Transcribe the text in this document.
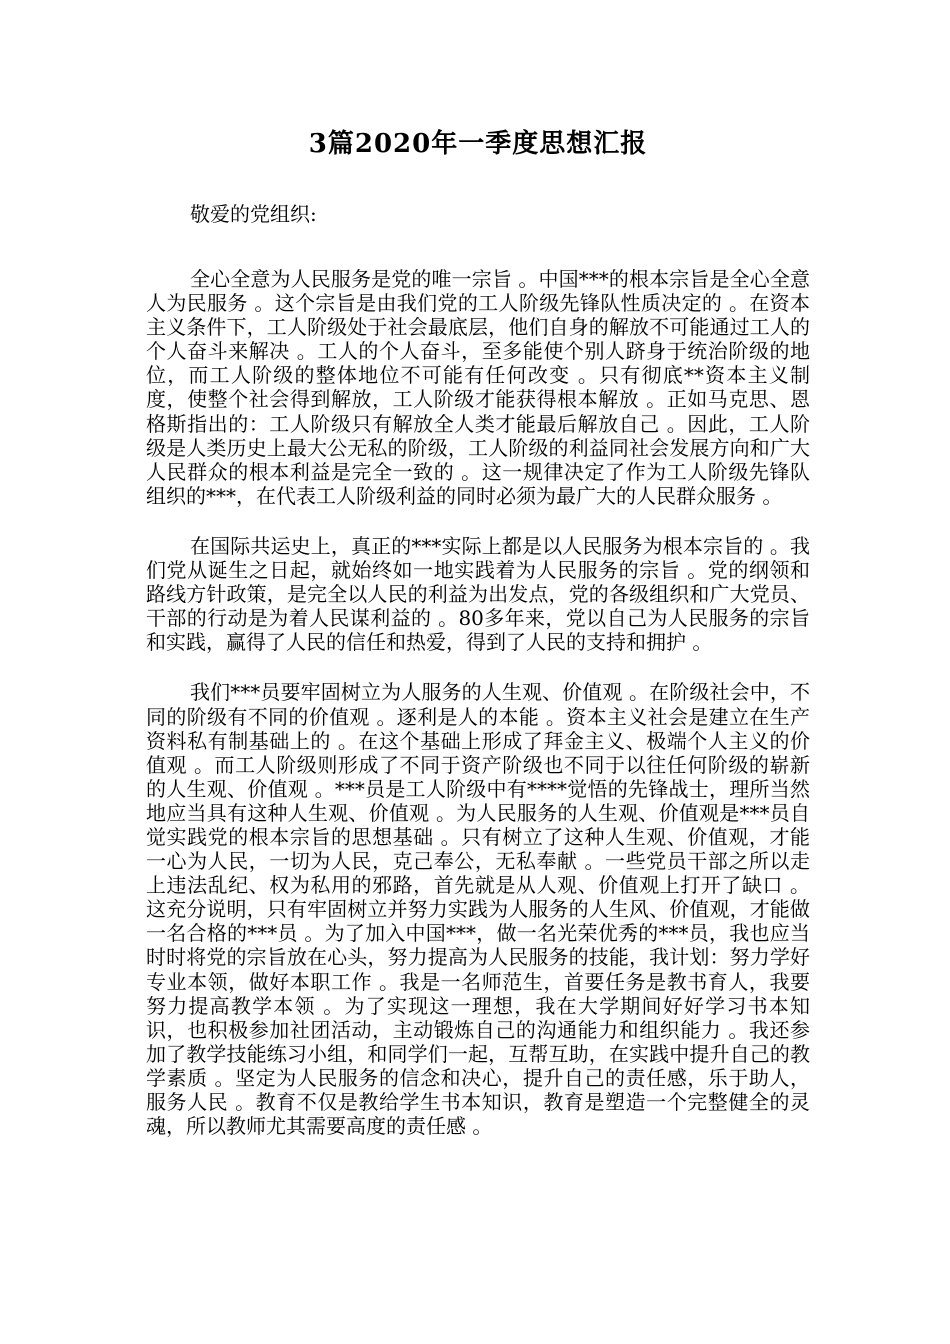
3篇2020年一季度思想汇报

敬爱的党组织:

全心全意为人民服务是党的唯一宗旨 。中国***的根本宗旨是全心全意人为民服务 。这个宗旨是由我们党的工人阶级先锋队性质决定的 。在资本主义条件下，工人阶级处于社会最底层，他们自身的解放不可能通过工人的个人奋斗来解决 。工人的个人奋斗，至多能使个别人跻身于统治阶级的地位，而工人阶级的整体地位不可能有任何改变 。只有彻底**资本主义制度，使整个社会得到解放，工人阶级才能获得根本解放 。正如马克思、恩格斯指出的：工人阶级只有解放全人类才能最后解放自己 。因此，工人阶级是人类历史上最大公无私的阶级，工人阶级的利益同社会发展方向和广大人民群众的根本利益是完全一致的 。这一规律决定了作为工人阶级先锋队组织的***，在代表工人阶级利益的同时必须为最广大的人民群众服务 。

在国际共运史上，真正的***实际上都是以人民服务为根本宗旨的 。我们党从诞生之日起，就始终如一地实践着为人民服务的宗旨 。党的纲领和路线方针政策，是完全以人民的利益为出发点，党的各级组织和广大党员、干部的行动是为着人民谋利益的 。80多年来，党以自己为人民服务的宗旨和实践，赢得了人民的信任和热爱，得到了人民的支持和拥护 。

我们***员要牢固树立为人服务的人生观、价值观 。在阶级社会中，不同的阶级有不同的价值观 。逐利是人的本能 。资本主义社会是建立在生产资料私有制基础上的 。在这个基础上形成了拜金主义、极端个人主义的价值观 。而工人阶级则形成了不同于资产阶级也不同于以往任何阶级的崭新的人生观、价值观 。***员是工人阶级中有****觉悟的先锋战士，理所当然地应当具有这种人生观、价值观 。为人民服务的人生观、价值观是***员自觉实践党的根本宗旨的思想基础 。只有树立了这种人生观、价值观，才能一心为人民，一切为人民，克己奉公，无私奉献 。一些党员干部之所以走上违法乱纪、权为私用的邪路，首先就是从人观、价值观上打开了缺口 。这充分说明，只有牢固树立并努力实践为人服务的人生风、价值观，才能做一名合格的***员 。为了加入中国***，做一名光荣优秀的***员，我也应当时时将党的宗旨放在心头，努力提高为人民服务的技能，我计划：努力学好专业本领，做好本职工作 。我是一名师范生，首要任务是教书育人，我要努力提高教学本领 。为了实现这一理想，我在大学期间好好学习书本知识，也积极参加社团活动，主动锻炼自己的沟通能力和组织能力 。我还参加了教学技能练习小组，和同学们一起，互帮互助，在实践中提升自己的教学素质 。坚定为人民服务的信念和决心，提升自己的责任感，乐于助人，服务人民 。教育不仅是教给学生书本知识，教育是塑造一个完整健全的灵魂，所以教师尤其需要高度的责任感 。
